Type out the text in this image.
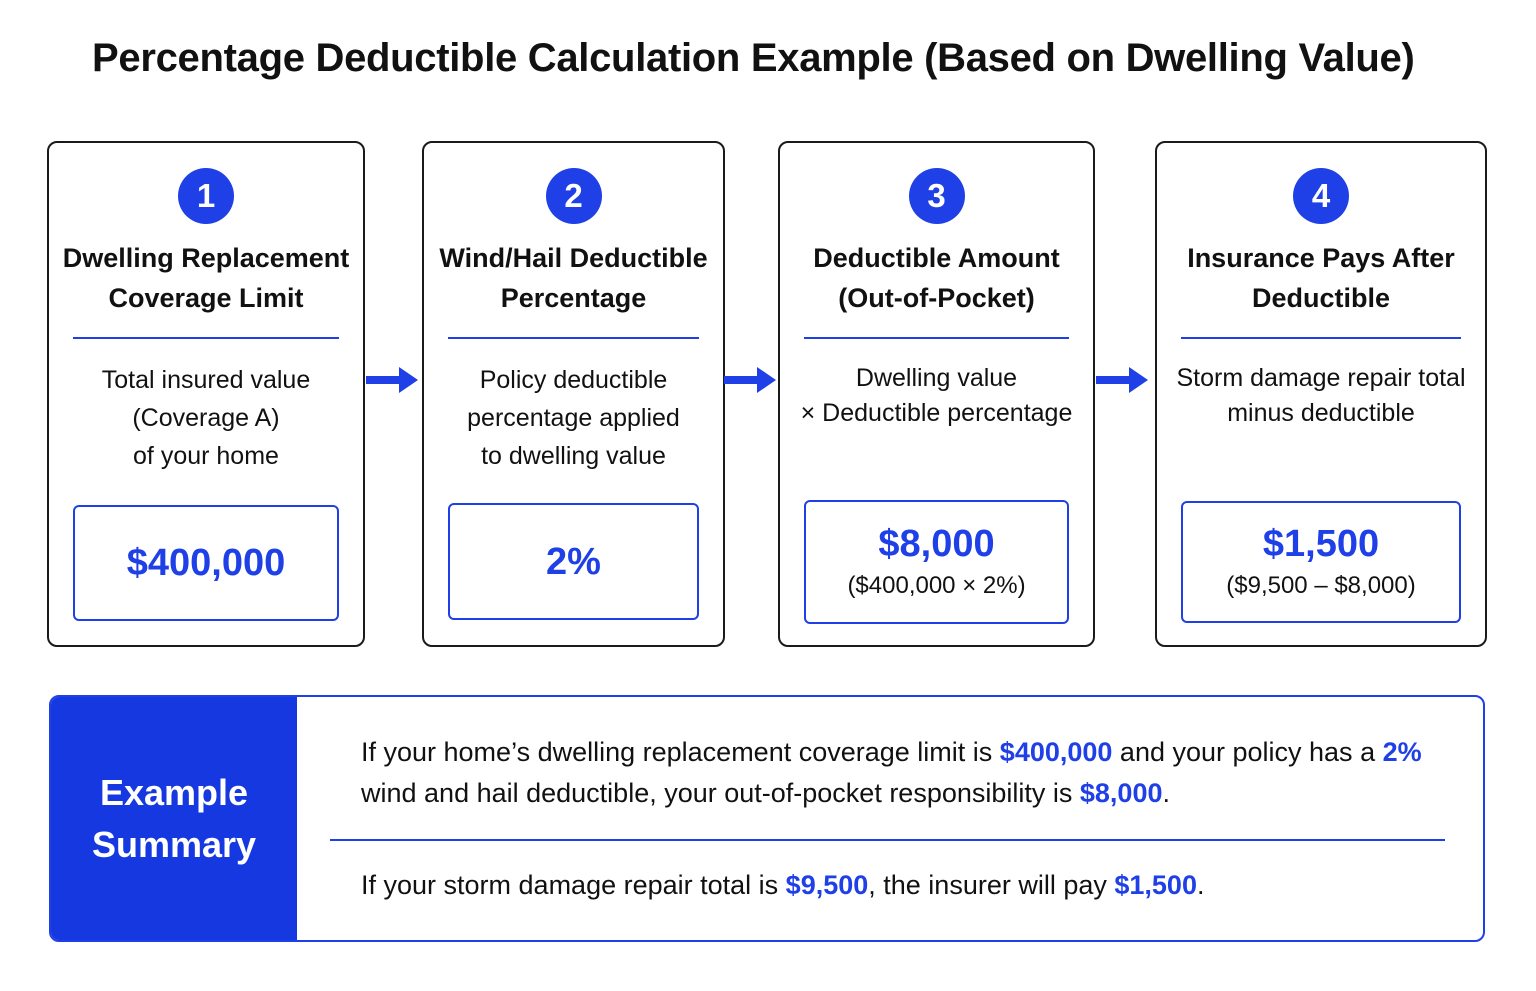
Percentage Deductible Calculation Example (Based on Dwelling Value)
1
Dwelling Replacement
Coverage Limit
Total insured value
(Coverage A)
of your home
$400,000
2
Wind/Hail Deductible
Percentage
Policy deductible
percentage applied
to dwelling value
2%
3
Deductible Amount
(Out-of-Pocket)
Dwelling value
× Deductible percentage
$8,000
($400,000 × 2%)
4
Insurance Pays After
Deductible
Storm damage repair total
minus deductible
$1,500
($9,500 – $8,000)
Example
Summary
If your home’s dwelling replacement coverage limit is $400,000 and your policy has a 2% wind and hail deductible, your out-of-pocket responsibility is $8,000.
If your storm damage repair total is $9,500, the insurer will pay $1,500.
